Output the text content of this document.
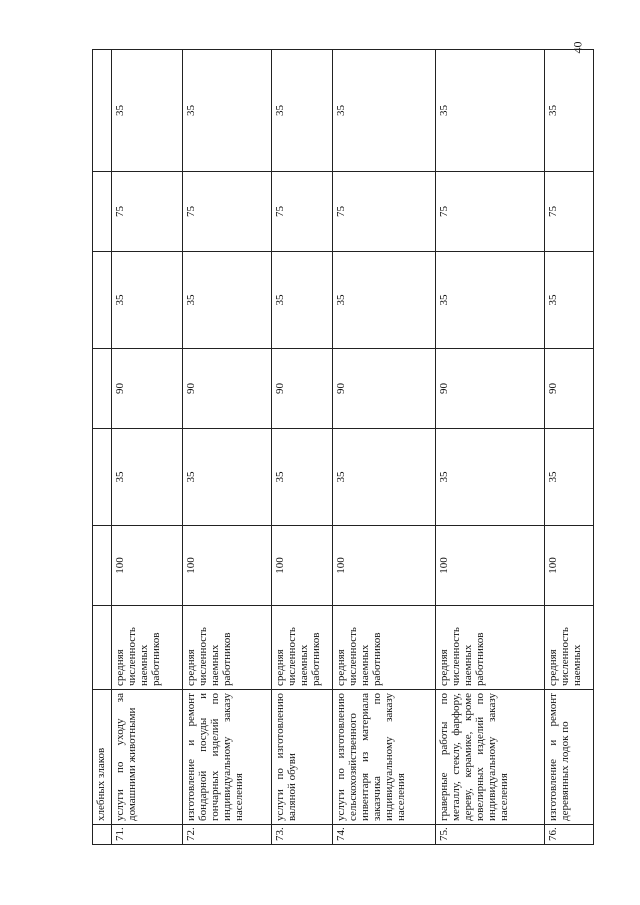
40
	хлебных злаков							
71.	услуги по уходу за домашними животными	средняя численность наемных работников	100	35	90	35	75	35
72.	изготовление и ремонт бондарной посуды и гончарных изделий по индивидуальному заказу населения	средняя численность наемных работников	100	35	90	35	75	35
73.	услуги по изготовлению валяной обуви	средняя численность наемных работников	100	35	90	35	75	35
74.	услуги по изготовлению сельскохозяйственного инвентаря из материала заказчика по индивидуальному заказу населения	средняя численность наемных работников	100	35	90	35	75	35
75.	граверные работы по металлу, стеклу, фарфору, дереву, керамике, кроме ювелирных изделий по индивидуальному заказу населения	средняя численность наемных работников	100	35	90	35	75	35
76.	изготовление и ремонт деревянных лодок по	средняя численность наемных	100	35	90	35	75	35
